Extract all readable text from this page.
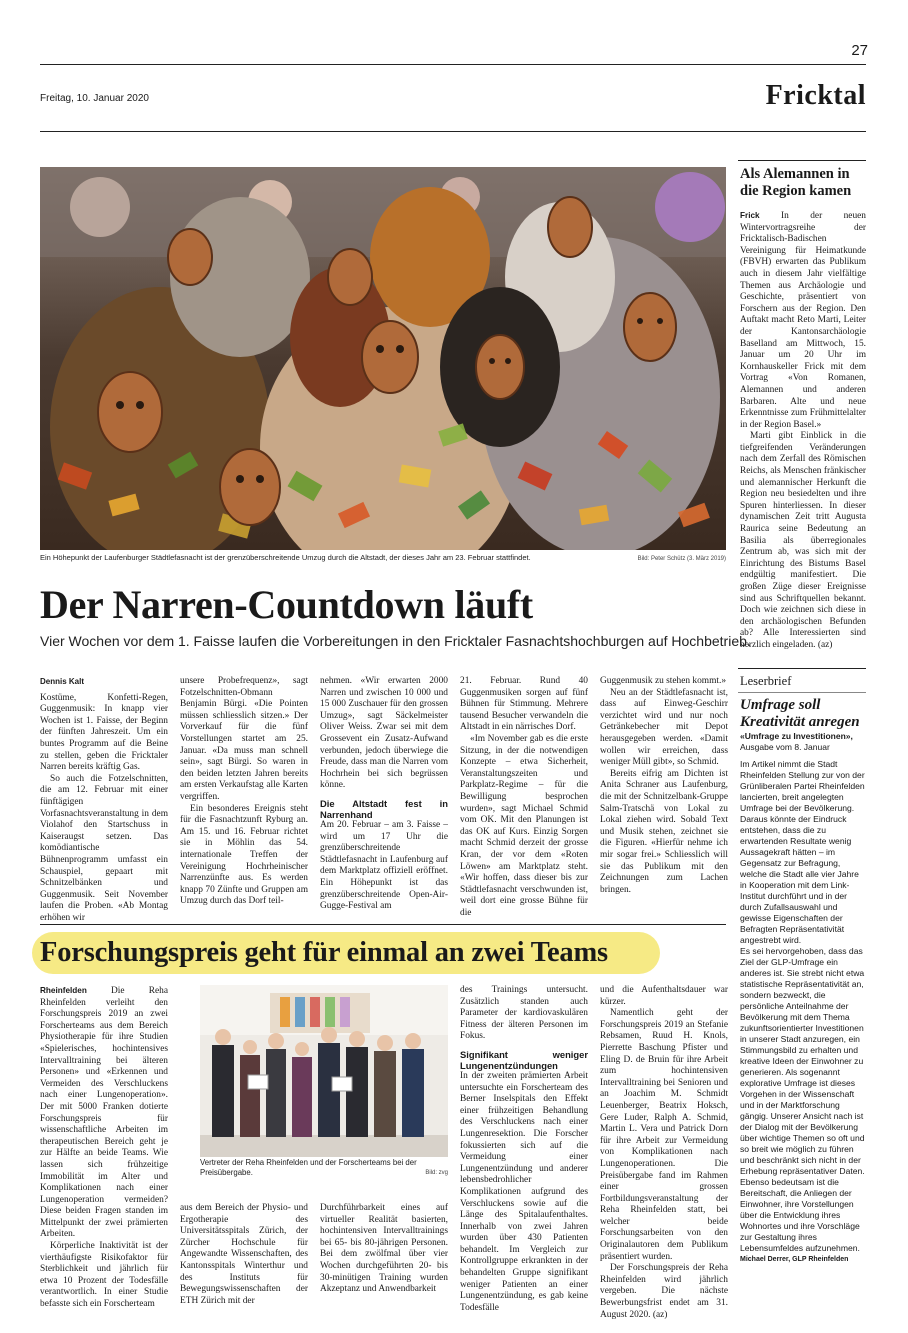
27
Freitag, 10. Januar 2020	Fricktal
Ein Höhepunkt der Laufenburger Städtlefasnacht ist der grenzüberschreitende Umzug durch die Altstadt, der dieses Jahr am 23. Februar stattfindet.	Bild: Peter Schütz (3. März 2019)
Der Narren-Countdown läuft
Vier Wochen vor dem 1. Faisse laufen die Vorbereitungen in den Fricktaler Fasnachtshochburgen auf Hochbetrieb.
Dennis Kalt

Kostüme, Konfetti-Regen, Guggenmusik: In knapp vier Wochen ist 1. Faisse, der Beginn der fünften Jahreszeit. Um ein buntes Programm auf die Beine zu stellen, geben die Fricktaler Narren bereits kräftig Gas.

So auch die Fotzelschnitten, die am 12. Februar mit einer fünftägigen Vorfasnachtsveranstaltung in dem Violahof den Startschuss in Kaiseraugst setzen. Das komödiantische Bühnenprogramm umfasst ein Schauspiel, gepaart mit Schnitzelbänken und Guggenmusik. Seit November laufen die Proben. «Ab Montag erhöhen wir

unsere Probefrequenz», sagt Fotzelschnitten-Obmann Benjamin Bürgi. «Die Pointen müssen schliesslich sitzen.» Der Vorverkauf für die fünf Vorstellungen startet am 25. Januar. «Da muss man schnell sein», sagt Bürgi. So waren in den beiden letzten Jahren bereits am ersten Verkaufstag alle Karten vergriffen.

Ein besonderes Ereignis steht für die Fasnachtzunft Ryburg an. Am 15. und 16. Februar richtet sie in Möhlin das 54. internationale Treffen der Vereinigung Hochrheinischer Narrenzünfte aus. Es werden knapp 70 Zünfte und Gruppen am Umzug durch das Dorf teil-

nehmen. «Wir erwarten 2000 Narren und zwischen 10 000 und 15 000 Zuschauer für den grossen Umzug», sagt Säckelmeister Oliver Weiss. Zwar sei mit dem Grossevent ein Zusatz-Aufwand verbunden, jedoch überwiege die Freude, dass man die Narren vom Hochrhein bei sich begrüssen könne.

Die Altstadt fest in Narrenhand

Am 20. Februar – am 3. Faisse – wird um 17 Uhr die grenzüberschreitende Städtlefasnacht in Laufenburg auf dem Marktplatz offiziell eröffnet. Ein Höhepunkt ist das grenzüberschreitende Open-Air-Gugge-Festival am

21. Februar. Rund 40 Guggenmusiken sorgen auf fünf Bühnen für Stimmung. Mehrere tausend Besucher verwandeln die Altstadt in ein närrisches Dorf.

«Im November gab es die erste Sitzung, in der die notwendigen Konzepte – etwa Sicherheit, Veranstaltungszeiten und Parkplatz-Regime – für die Bewilligung besprochen wurden», sagt Michael Schmid vom OK. Mit den Planungen ist das OK auf Kurs. Einzig Sorgen macht Schmid derzeit der grosse Kran, der vor dem «Roten Löwen» am Marktplatz steht. «Wir hoffen, dass dieser bis zur Städtlefasnacht verschwunden ist, weil dort eine grosse Bühne für die

Guggenmusik zu stehen kommt.»

Neu an der Städtlefasnacht ist, dass auf Einweg-Geschirr verzichtet wird und nur noch Getränkebecher mit Depot herausgegeben werden. «Damit wollen wir erreichen, dass weniger Müll gibt», so Schmid.

Bereits eifrig am Dichten ist Anita Schraner aus Laufenburg, die mit der Schnitzelbank-Gruppe Salm-Tratschä von Lokal zu Lokal ziehen wird. Sobald Text und Musik stehen, zeichnet sie die Figuren. «Hierfür nehme ich mir sogar frei.» Schliesslich will sie das Publikum mit den Zeichnungen zum Lachen bringen.

Als Alemannen in die Region kamen

Frick In der neuen Wintervortragsreihe der Fricktalisch-Badischen Vereinigung für Heimatkunde (FBVH) erwarten das Publikum auch in diesem Jahr vielfältige Themen aus Archäologie und Geschichte, präsentiert von Forschern aus der Region. Den Auftakt macht Reto Marti, Leiter der Kantonsarchäologie Baselland am Mittwoch, 15. Januar um 20 Uhr im Kornhauskeller Frick mit dem Vortrag «Von Romanen, Alemannen und anderen Barbaren. Alte und neue Erkenntnisse zum Frühmittelalter in der Region Basel.»

Marti gibt Einblick in die tiefgreifenden Veränderungen nach dem Zerfall des Römischen Reichs, als Menschen fränkischer und alemannischer Herkunft die Region neu besiedelten und ihre Spuren hinterliessen. In dieser dynamischen Zeit tritt Augusta Raurica seine Bedeutung an Basilia als überregionales Zentrum ab, was sich mit der Einrichtung des Bistums Basel endgültig manifestiert. Die großen Züge dieser Ereignisse sind aus Schriftquellen bekannt. Doch wie zeichnen sich diese in den archäologischen Befunden ab? Alle Interessierten sind herzlich eingeladen. (az)

Leserbrief
Umfrage soll Kreativität anregen
«Umfrage zu Investitionen»,
Ausgabe vom 8. Januar
Im Artikel nimmt die Stadt Rheinfelden Stellung zur von der Grünliberalen Partei Rheinfelden lancierten, breit angelegten Umfrage bei der Bevölkerung. Daraus könnte der Eindruck entstehen, dass die zu erwartenden Resultate wenig Aussagekraft hätten – im Gegensatz zur Befragung, welche die Stadt alle vier Jahre in Kooperation mit dem Link-Institut durchführt und in der durch Zufallsauswahl und gewisse Eigenschaften der Befragten Repräsentativität angestrebt wird.
Es sei hervorgehoben, dass das Ziel der GLP-Umfrage ein anderes ist. Sie strebt nicht etwa statistische Repräsentativität an, sondern bezweckt, die persönliche Anteilnahme der Bevölkerung mit dem Thema zukunftsorientierter Investitionen in unserer Stadt anzuregen, ein Stimmungsbild zu erhalten und kreative Ideen der Einwohner zu generieren. Als sogenannt explorative Umfrage ist dieses Vorgehen in der Wissenschaft und in der Marktforschung gängig. Unserer Ansicht nach ist der Dialog mit der Bevölkerung über wichtige Themen so oft und so breit wie möglich zu führen und beschränkt sich nicht in der Erhebung repräsentativer Daten. Ebenso bedeutsam ist die Bereitschaft, die Anliegen der Einwohner, ihre Vorstellungen über die Entwicklung ihres Wohnortes und ihre Vorschläge zur Gestaltung ihres Lebensumfeldes aufzunehmen.
Michael Derrer, GLP Rheinfelden
Forschungspreis geht für einmal an zwei Teams

Rheinfelden	Die Reha Rheinfelden verleiht den Forschungspreis 2019 an zwei Forscherteams aus dem Bereich Physiotherapie für ihre Studien «Spielerisches, hochintensives Intervalltraining bei älteren Personen» und «Erkennen und Vermeiden des Verschluckens nach einer Lungenoperation». Der mit 5000 Franken dotierte Forschungspreis für wissenschaftliche Arbeiten im therapeutischen Bereich geht je zur Hälfte an beide Teams. Wie lassen sich frühzeitige Immobilität im Alter und Komplikationen nach einer Lungenoperation vermeiden? Diese beiden Fragen standen im Mittelpunkt der zwei prämierten Arbeiten.

Körperliche Inaktivität ist der vierthäufigste Risikofaktor für Sterblichkeit und jährlich für etwa 10 Prozent der Todesfälle verantwortlich. In einer Studie befasste sich ein Forscherteam

Vertreter der Reha Rheinfelden und der Forscherteams bei der Preisübergabe.	Bild: zvg

aus dem Bereich der Physio- und Ergotherapie des Universitätsspitals Zürich, der Zürcher Hochschule für Angewandte Wissenschaften, des Kantonsspitals Winterthur und des Instituts für Bewegungswissenschaften der ETH Zürich mit der

Durchführbarkeit eines auf virtueller Realität basierten, hochintensiven Intervalltrainings bei 65- bis 80-jährigen Personen. Bei dem zwölfmal über vier Wochen durchgeführten 20- bis 30-minütigen Training wurden Akzeptanz und Anwendbarkeit

des Trainings untersucht. Zusätzlich standen auch Parameter der kardiovaskulären Fitness der älteren Personen im Fokus.

Signifikant weniger Lungenentzündungen

In der zweiten prämierten Arbeit untersuchte ein Forscherteam des Berner Inselspitals den Effekt einer frühzeitigen Behandlung des Verschluckens nach einer Lungenresektion. Die Forscher fokussierten sich auf die Vermeidung einer Lungenentzündung und anderer lebensbedrohlicher Komplikationen aufgrund des Verschluckens sowie auf die Länge des Spitalaufenthaltes. Innerhalb von zwei Jahren wurden über 430 Patienten behandelt. Im Vergleich zur Kontrollgruppe erkrankten in der behandelten Gruppe signifikant weniger Patienten an einer Lungenentzündung, es gab keine Todesfälle

und die Aufenthaltsdauer war kürzer.

Namentlich geht der Forschungspreis 2019 an Stefanie Rebsamen, Ruud H. Knols, Pierrette Baschung Pfister und Eling D. de Bruin für ihre Arbeit zum hochintensiven Intervalltraining bei Senioren und an Joachim M. Schmidt Leuenberger, Beatrix Hoksch, Gere Luder, Ralph A. Schmid, Martin L. Vera und Patrick Dorn für ihre Arbeit zur Vermeidung von Komplikationen nach Lungenoperationen. Die Preisübergabe fand im Rahmen einer grossen Fortbildungsveranstaltung der Reha Rheinfelden statt, bei welcher beide Forschungsarbeiten von den Originalautoren dem Publikum präsentiert wurden.

Der Forschungspreis der Reha Rheinfelden wird jährlich vergeben. Die nächste Bewerbungsfrist endet am 31. August 2020. (az)
